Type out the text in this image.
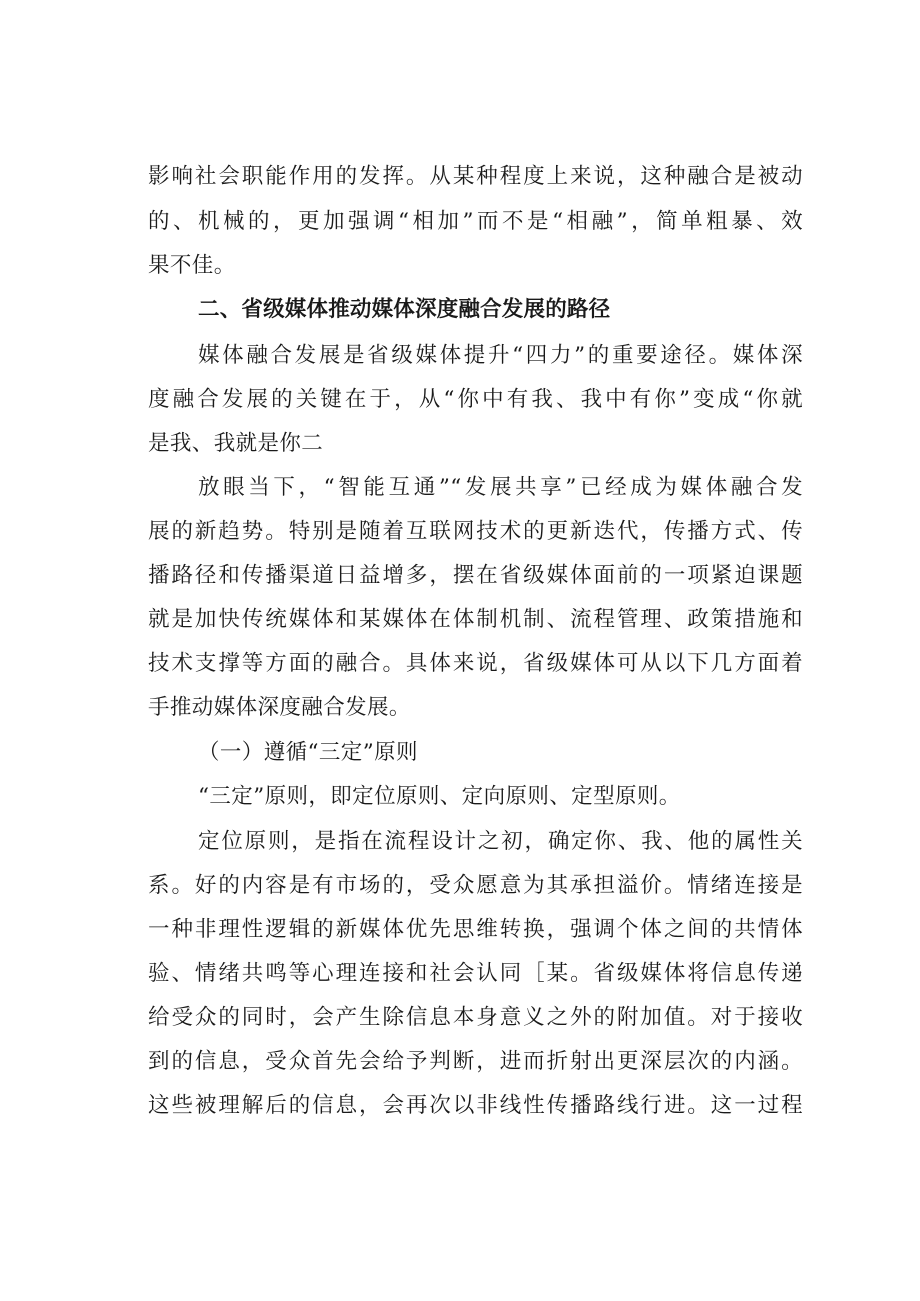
影响社会职能作用的发挥。从某种程度上来说，这种融合是被动
的、机械的，更加强调“相加”而不是“相融”，简单粗暴、效
果不佳。
二、省级媒体推动媒体深度融合发展的路径
媒体融合发展是省级媒体提升“四力”的重要途径。媒体深
度融合发展的关键在于，从“你中有我、我中有你”变成“你就
是我、我就是你二
放眼当下，“智能互通”“发展共享”已经成为媒体融合发
展的新趋势。特别是随着互联网技术的更新迭代，传播方式、传
播路径和传播渠道日益增多，摆在省级媒体面前的一项紧迫课题
就是加快传统媒体和某媒体在体制机制、流程管理、政策措施和
技术支撑等方面的融合。具体来说，省级媒体可从以下几方面着
手推动媒体深度融合发展。
（一）遵循“三定”原则
“三定”原则，即定位原则、定向原则、定型原则。
定位原则，是指在流程设计之初，确定你、我、他的属性关
系。好的内容是有市场的，受众愿意为其承担溢价。情绪连接是
一种非理性逻辑的新媒体优先思维转换，强调个体之间的共情体
验、情绪共鸣等心理连接和社会认同［某。省级媒体将信息传递
给受众的同时，会产生除信息本身意义之外的附加值。对于接收
到的信息，受众首先会给予判断，进而折射出更深层次的内涵。
这些被理解后的信息，会再次以非线性传播路线行进。这一过程
